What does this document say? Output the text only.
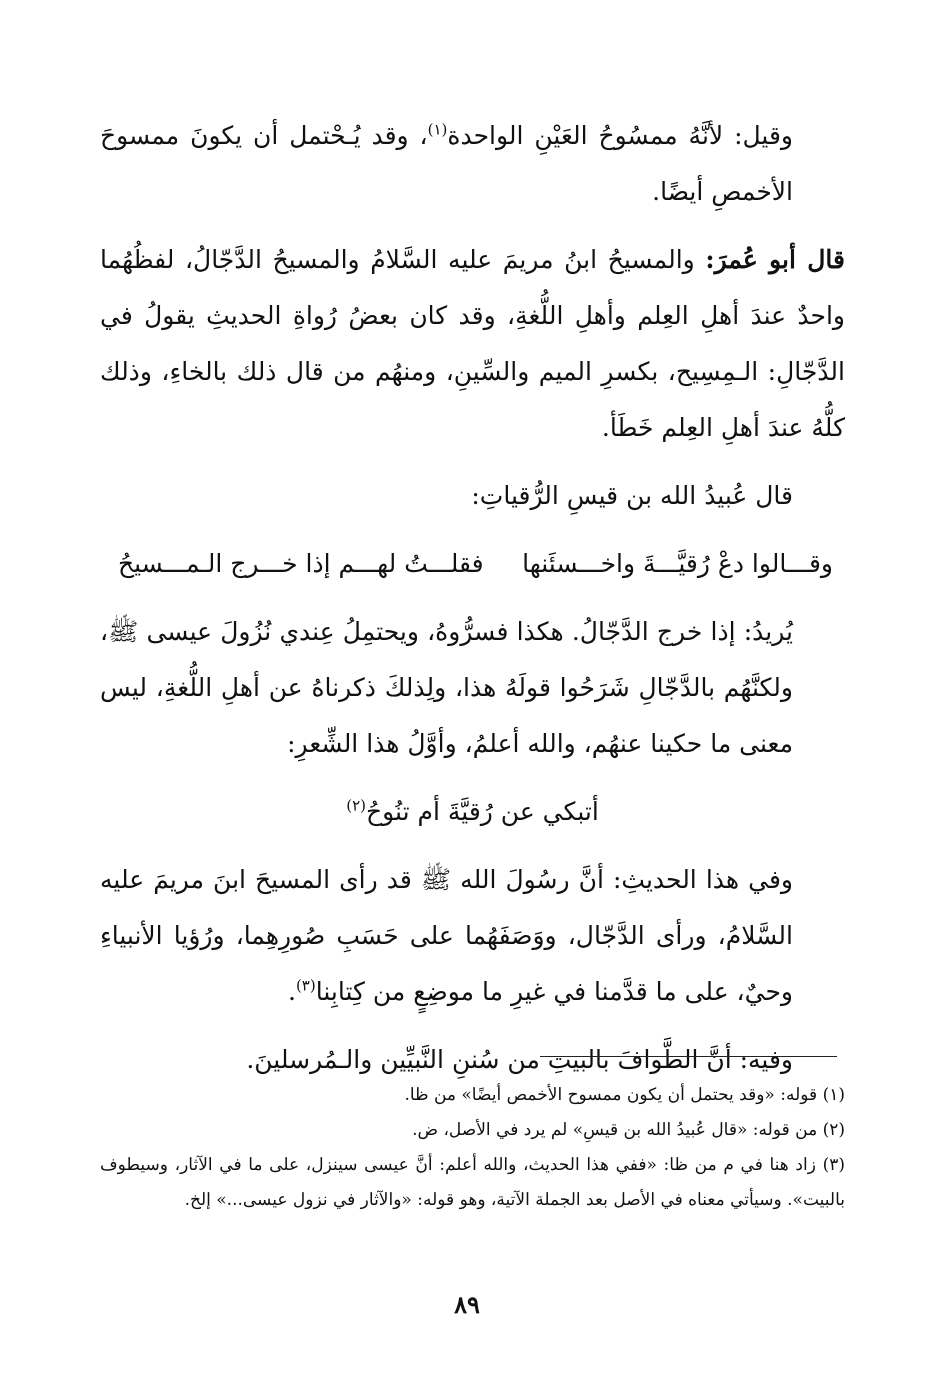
وقيل: لأنَّهُ ممسُوحُ العَيْنِ الواحدة$^{(١)}$، وقد يُـحْتمل أن يكونَ ممسوحَ الأخمصِ أيضًا.

قال أبو عُمرَ: والمسيحُ ابنُ مريمَ عليه السَّلامُ والمسيحُ الدَّجّالُ، لفظُهُما واحدٌ عندَ أهلِ العِلم وأهلِ اللُّغةِ، وقد كان بعضُ رُواةِ الحديثِ يقولُ في الدَّجّالِ: الـمِسِيح، بكسرِ الميم والسِّينِ، ومنهُم من قال ذلك بالخاءِ، وذلك كلُّهُ عندَ أهلِ العِلم خَطَأ.

قال عُبيدُ الله بن قيسِ الرُّقياتِ:

وقـــالوا دعْ رُقيَّـــةَ واخـــسئَنها
فقلـــتُ لهـــم إذا خـــرج الـمـــسيحُ

يُريدُ: إذا خرج الدَّجّالُ. هكذا فسرُّوهُ، ويحتمِلُ عِندي نُزُولَ عيسى ﷺ، ولكنَّهُم بالدَّجّالِ شَرَحُوا قولَهُ هذا، ولِذلكَ ذكرناهُ عن أهلِ اللُّغةِ، ليس معنى ما حكينا عنهُم، والله أعلمُ، وأوَّلُ هذا الشِّعرِ:

أتبكي عن رُقيَّةَ أم تنُوحُ$^{(٢)}$

وفي هذا الحديثِ: أنَّ رسُولَ الله ﷺ قد رأى المسيحَ ابنَ مريمَ عليه السَّلامُ، ورأى الدَّجّال، ووَصَفَهُما على حَسَبِ صُورِهِما، ورُؤيا الأنبياءِ وحيٌ، على ما قدَّمنا في غيرِ ما موضِعٍ من كِتابِنا$^{(٣)}$.

وفيه: أنَّ الطَّوافَ بالبيتِ من سُننِ النَّبيِّين والـمُرسلينَ.

(١) قوله: «وقد يحتمل أن يكون ممسوح الأخمص أيضًا» من ظا.

(٢) من قوله: «قال عُبيدُ الله بن قيسِ» لم يرد في الأصل، ض.

(٣) زاد هنا في م من ظا: «ففي هذا الحديث، والله أعلم: أنَّ عيسى سينزل، على ما في الآثار، وسيطوف بالبيت». وسيأتي معناه في الأصل بعد الجملة الآتية، وهو قوله: «والآثار في نزول عيسى...» إلخ.

٨٩
